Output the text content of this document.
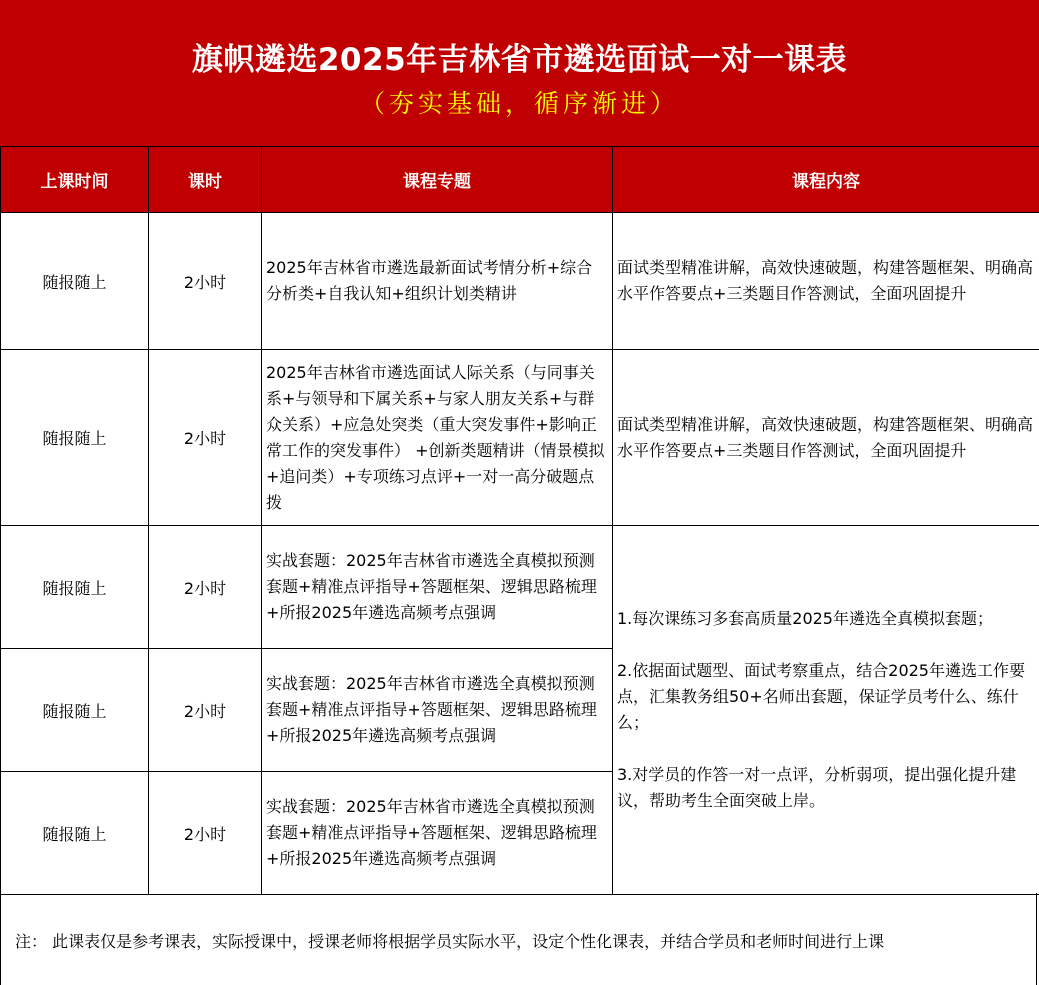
旗帜遴选2025年吉林省市遴选面试一对一课表
（夯实基础，循序渐进）
上课时间	课时	课程专题	课程内容
随报随上	2小时	2025年吉林省市遴选最新面试考情分析+综合分析类+自我认知+组织计划类精讲	面试类型精准讲解，高效快速破题，构建答题框架、明确高水平作答要点+三类题目作答测试，全面巩固提升
随报随上	2小时	2025年吉林省市遴选面试人际关系（与同事关系+与领导和下属关系+与家人朋友关系+与群众关系）+应急处突类（重大突发事件+影响正常工作的突发事件） +创新类题精讲（情景模拟+追问类）+专项练习点评+一对一高分破题点拨	面试类型精准讲解，高效快速破题，构建答题框架、明确高水平作答要点+三类题目作答测试，全面巩固提升
随报随上	2小时	实战套题：2025年吉林省市遴选全真模拟预测套题+精准点评指导+答题框架、逻辑思路梳理+所报2025年遴选高频考点强调	1.每次课练习多套高质量2025年遴选全真模拟套题；

2.依据面试题型、面试考察重点，结合2025年遴选工作要点，汇集教务组50+名师出套题，保证学员考什么、练什么；

3.对学员的作答一对一点评，分析弱项，提出强化提升建议，帮助考生全面突破上岸。

随报随上	2小时	实战套题：2025年吉林省市遴选全真模拟预测套题+精准点评指导+答题框架、逻辑思路梳理+所报2025年遴选高频考点强调	
随报随上	2小时	实战套题：2025年吉林省市遴选全真模拟预测套题+精准点评指导+答题框架、逻辑思路梳理+所报2025年遴选高频考点强调	
注： 此课表仅是参考课表，实际授课中，授课老师将根据学员实际水平，设定个性化课表，并结合学员和老师时间进行上课
